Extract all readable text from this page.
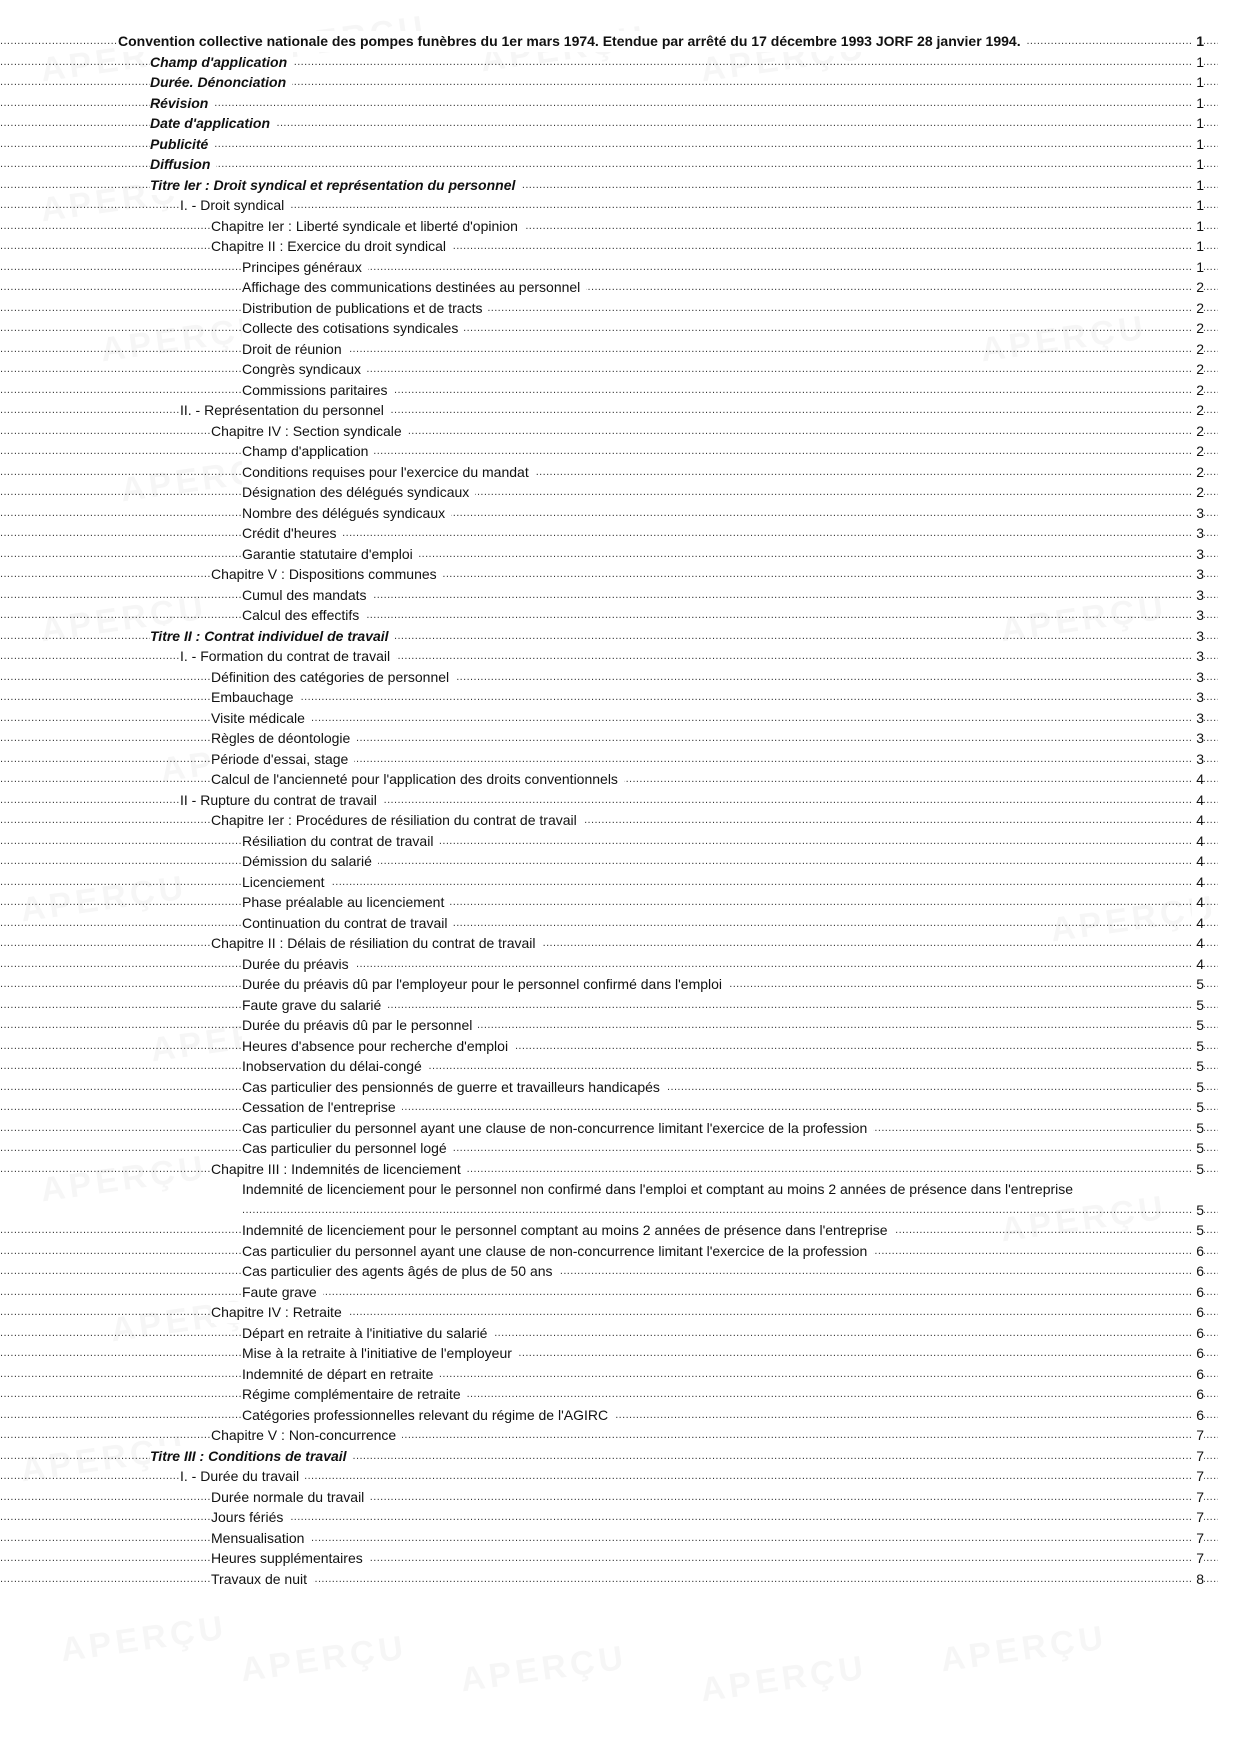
.....
Convention collective nationale des pompes funèbres du 1er mars 1974. Etendue par arrêté du 17 décembre 1993 JORF 28 janvier 1994.	1
.....
Champ d'application	1
.....
Durée. Dénonciation	1
.....
Révision	1
.....
Date d'application	1
.....
Publicité	1
.....
Diffusion	1
.....
Titre Ier : Droit syndical et représentation du personnel	1
.....
I. - Droit syndical	1
.....
Chapitre Ier : Liberté syndicale et liberté d'opinion	1
.....
Chapitre II : Exercice du droit syndical	1
.....
Principes généraux	1
.....
Affichage des communications destinées au personnel	2
.....
Distribution de publications et de tracts	2
.....
Collecte des cotisations syndicales	2
.....
Droit de réunion	2
.....
Congrès syndicaux	2
.....
Commissions paritaires	2
.....
II. - Représentation du personnel	2
.....
Chapitre IV : Section syndicale	2
.....
Champ d'application	2
.....
Conditions requises pour l'exercice du mandat	2
.....
Désignation des délégués syndicaux	2
.....
Nombre des délégués syndicaux	3
.....
Crédit d'heures	3
.....
Garantie statutaire d'emploi	3
.....
Chapitre V : Dispositions communes	3
.....
Cumul des mandats	3
.....
Calcul des effectifs	3
.....
Titre II : Contrat individuel de travail	3
.....
I. - Formation du contrat de travail	3
.....
Définition des catégories de personnel	3
.....
Embauchage	3
.....
Visite médicale	3
.....
Règles de déontologie	3
.....
Période d'essai, stage	3
.....
Calcul de l'ancienneté pour l'application des droits conventionnels	4
.....
II - Rupture du contrat de travail	4
.....
Chapitre Ier : Procédures de résiliation du contrat de travail	4
.....
Résiliation du contrat de travail	4
.....
Démission du salarié	4
.....
Licenciement	4
.....
Phase préalable au licenciement	4
.....
Continuation du contrat de travail	4
.....
Chapitre II : Délais de résiliation du contrat de travail	4
.....
Durée du préavis	4
.....
Durée du préavis dû par l'employeur pour le personnel confirmé dans l'emploi	5
.....
Faute grave du salarié	5
.....
Durée du préavis dû par le personnel	5
.....
Heures d'absence pour recherche d'emploi	5
.....
Inobservation du délai-congé	5
.....
Cas particulier des pensionnés de guerre et travailleurs handicapés	5
.....
Cessation de l'entreprise	5
.....
Cas particulier du personnel ayant une clause de non-concurrence limitant l'exercice de la profession	5
.....
Cas particulier du personnel logé	5
.....
Chapitre III : Indemnités de licenciement	5
.....
Indemnité de licenciement pour le personnel non confirmé dans l'emploi et comptant au moins 2 années de présence dans l'entreprise
5
.....
Indemnité de licenciement pour le personnel comptant au moins 2 années de présence dans l'entreprise	5
.....
Cas particulier du personnel ayant une clause de non-concurrence limitant l'exercice de la profession	6
.....
Cas particulier des agents âgés de plus de 50 ans	6
.....
Faute grave	6
.....
Chapitre IV : Retraite	6
.....
Départ en retraite à l'initiative du salarié	6
.....
Mise à la retraite à l'initiative de l'employeur	6
.....
Indemnité de départ en retraite	6
.....
Régime complémentaire de retraite	6
.....
Catégories professionnelles relevant du régime de l'AGIRC	6
.....
Chapitre V : Non-concurrence	7
.....
Titre III : Conditions de travail	7
.....
I. - Durée du travail	7
.....
Durée normale du travail	7
.....
Jours fériés	7
.....
Mensualisation	7
.....
Heures supplémentaires	7
.....
Travaux de nuit	8
